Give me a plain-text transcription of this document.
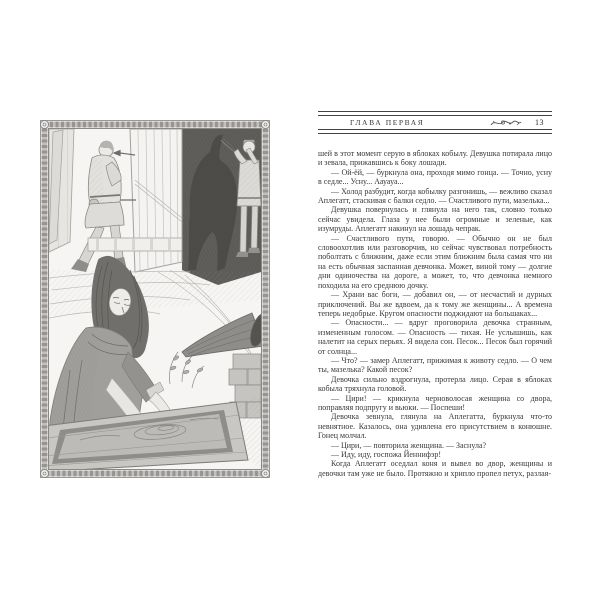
ГЛАВА ПЕРВАЯ	13

шей в этот момент серую в яблоках кобылу. Девушка потирала лицо и зевала, прижавшись к боку лошади.

— Ой-ёй, — буркнула она, проходя мимо гонца. — Точно, усну в седле... Усну... Аауауа...

— Холод разбудит, когда кобылку разгонишь, — вежливо сказал Аплегатт, стаскивая с балки седло. — Счастливого пути, мазелька...

Девушка повернулась и глянула на него так, словно только сейчас увидела. Глаза у нее были огромные и зеленые, как изумруды. Аплегатт накинул на лошадь чепрак.

— Счастливого пути, говорю. — Обычно он не был словоохотлив или разговорчив, но сейчас чувствовал потребность поболтать с ближним, даже если этим ближним была самая что ни на есть обычная заспанная девчонка. Может, виной тому — долгие дни одиночества на дороге, а может, то, что девчонка немного походила на его среднюю дочку.

— Храни вас боги, — добавил он, — от несчастий и дурных приключений. Вы же вдвоем, да к тому же женщины... А времена теперь недобрые. Кругом опасности поджидают на большаках...

— Опасности... — вдруг проговорила девочка странным, измененным голосом. — Опасность — тихая. Не услышишь, как налетит на серых перьях. Я видела сон. Песок... Песок был горячий от солнца...

— Что? — замер Аплегатт, прижимая к животу седло. — О чем ты, мазелька? Какой песок?

Девочка сильно вздрогнула, протерла лицо. Серая в яблоках кобыла тряхнула головой.

— Цири! — крикнула черноволосая женщина со двора, поправляя подпругу и вьюки. — Поспеши!

Девочка зевнула, глянула на Аплегатта, буркнула что-то невнятное. Казалось, она удивлена его присутствием в конюшне. Гонец молчал.

— Цири, — повторила женщина. — Заснула?

— Иду, иду, госпожа Йеннифэр!

Когда Аплегатт оседлал коня и вывел во двор, женщины и девочки там уже не было. Протяжно и хрипло пропел петух, разлая-
